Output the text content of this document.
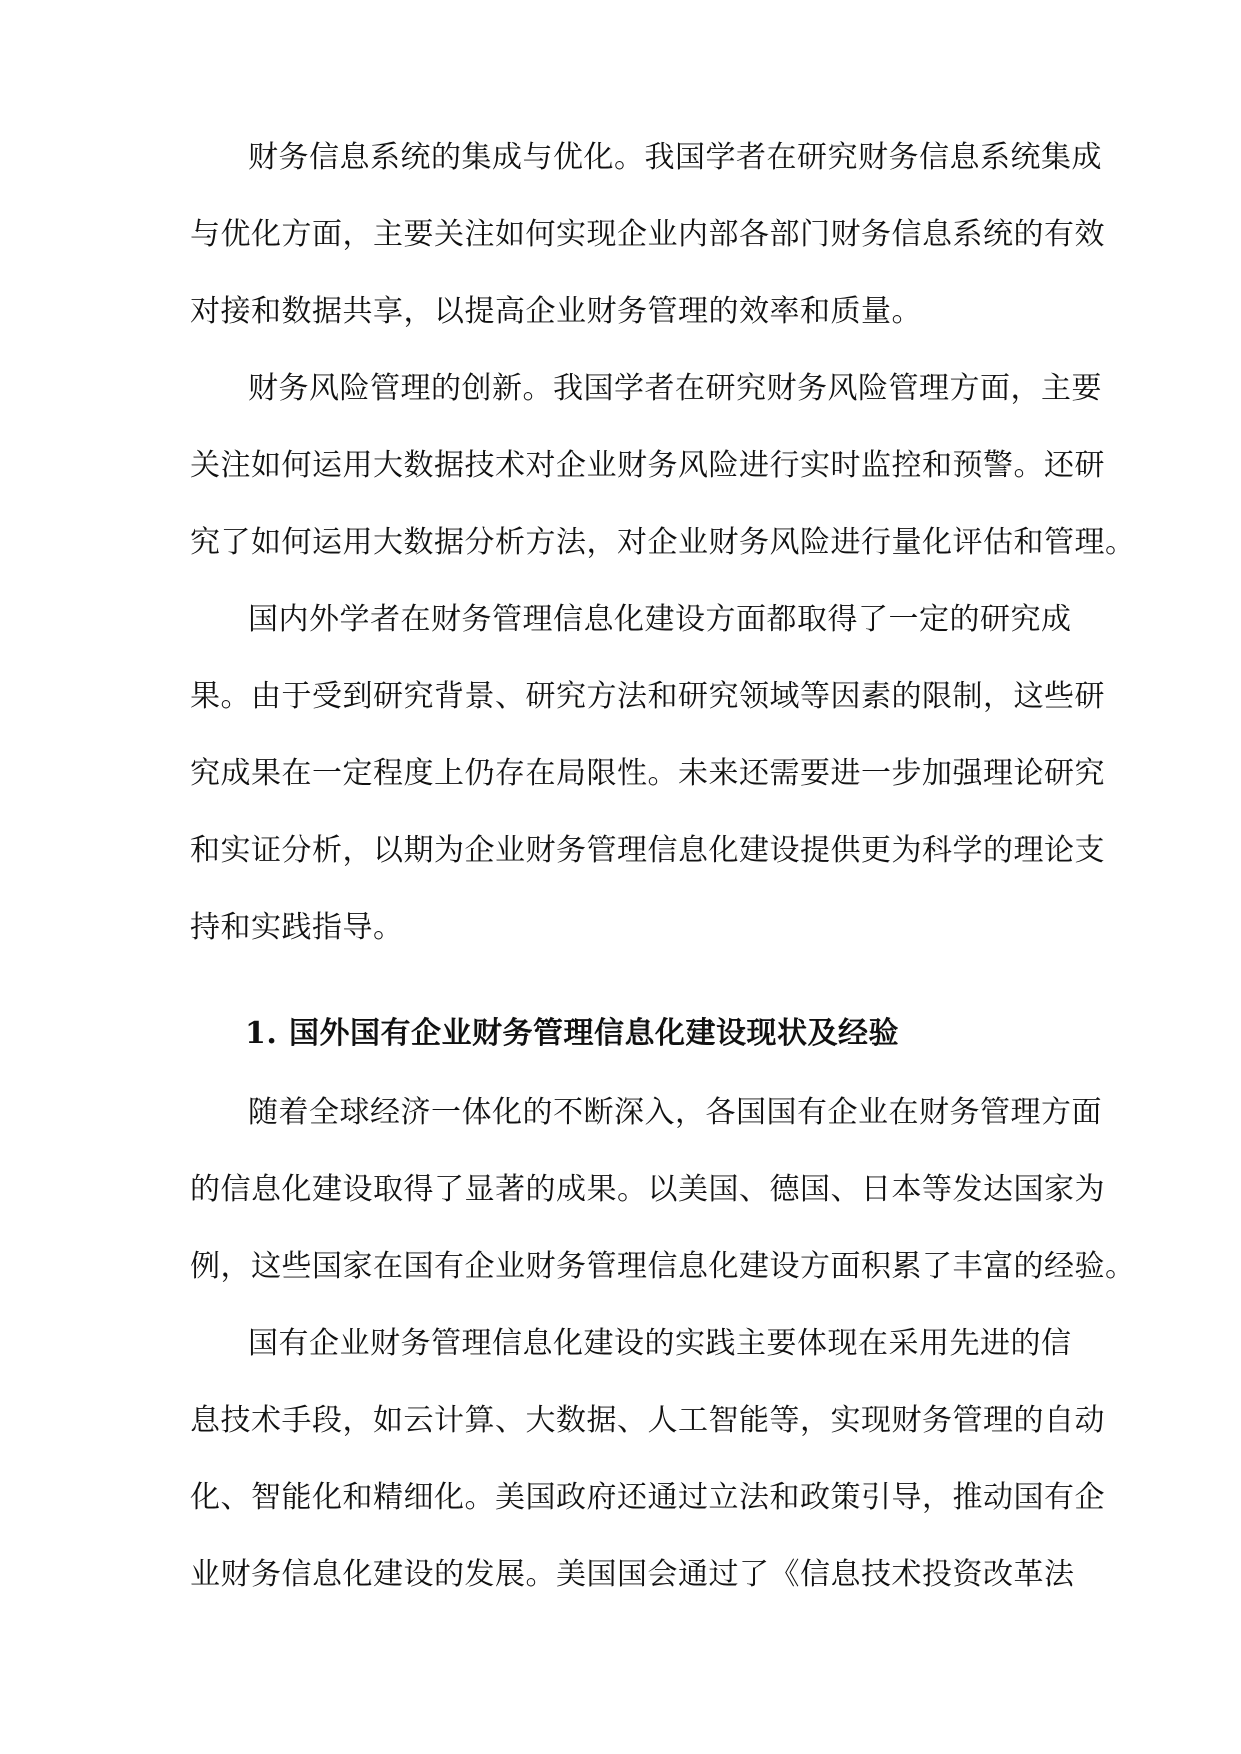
财务信息系统的集成与优化。我国学者在研究财务信息系统集成
与优化方面，主要关注如何实现企业内部各部门财务信息系统的有效
对接和数据共享，以提高企业财务管理的效率和质量。
财务风险管理的创新。我国学者在研究财务风险管理方面，主要
关注如何运用大数据技术对企业财务风险进行实时监控和预警。还研
究了如何运用大数据分析方法，对企业财务风险进行量化评估和管理。
国内外学者在财务管理信息化建设方面都取得了一定的研究成
果。由于受到研究背景、研究方法和研究领域等因素的限制，这些研
究成果在一定程度上仍存在局限性。未来还需要进一步加强理论研究
和实证分析，以期为企业财务管理信息化建设提供更为科学的理论支
持和实践指导。
1. 国外国有企业财务管理信息化建设现状及经验
随着全球经济一体化的不断深入，各国国有企业在财务管理方面
的信息化建设取得了显著的成果。以美国、德国、日本等发达国家为
例，这些国家在国有企业财务管理信息化建设方面积累了丰富的经验。
国有企业财务管理信息化建设的实践主要体现在采用先进的信
息技术手段，如云计算、大数据、人工智能等，实现财务管理的自动
化、智能化和精细化。美国政府还通过立法和政策引导，推动国有企
业财务信息化建设的发展。美国国会通过了《信息技术投资改革法
